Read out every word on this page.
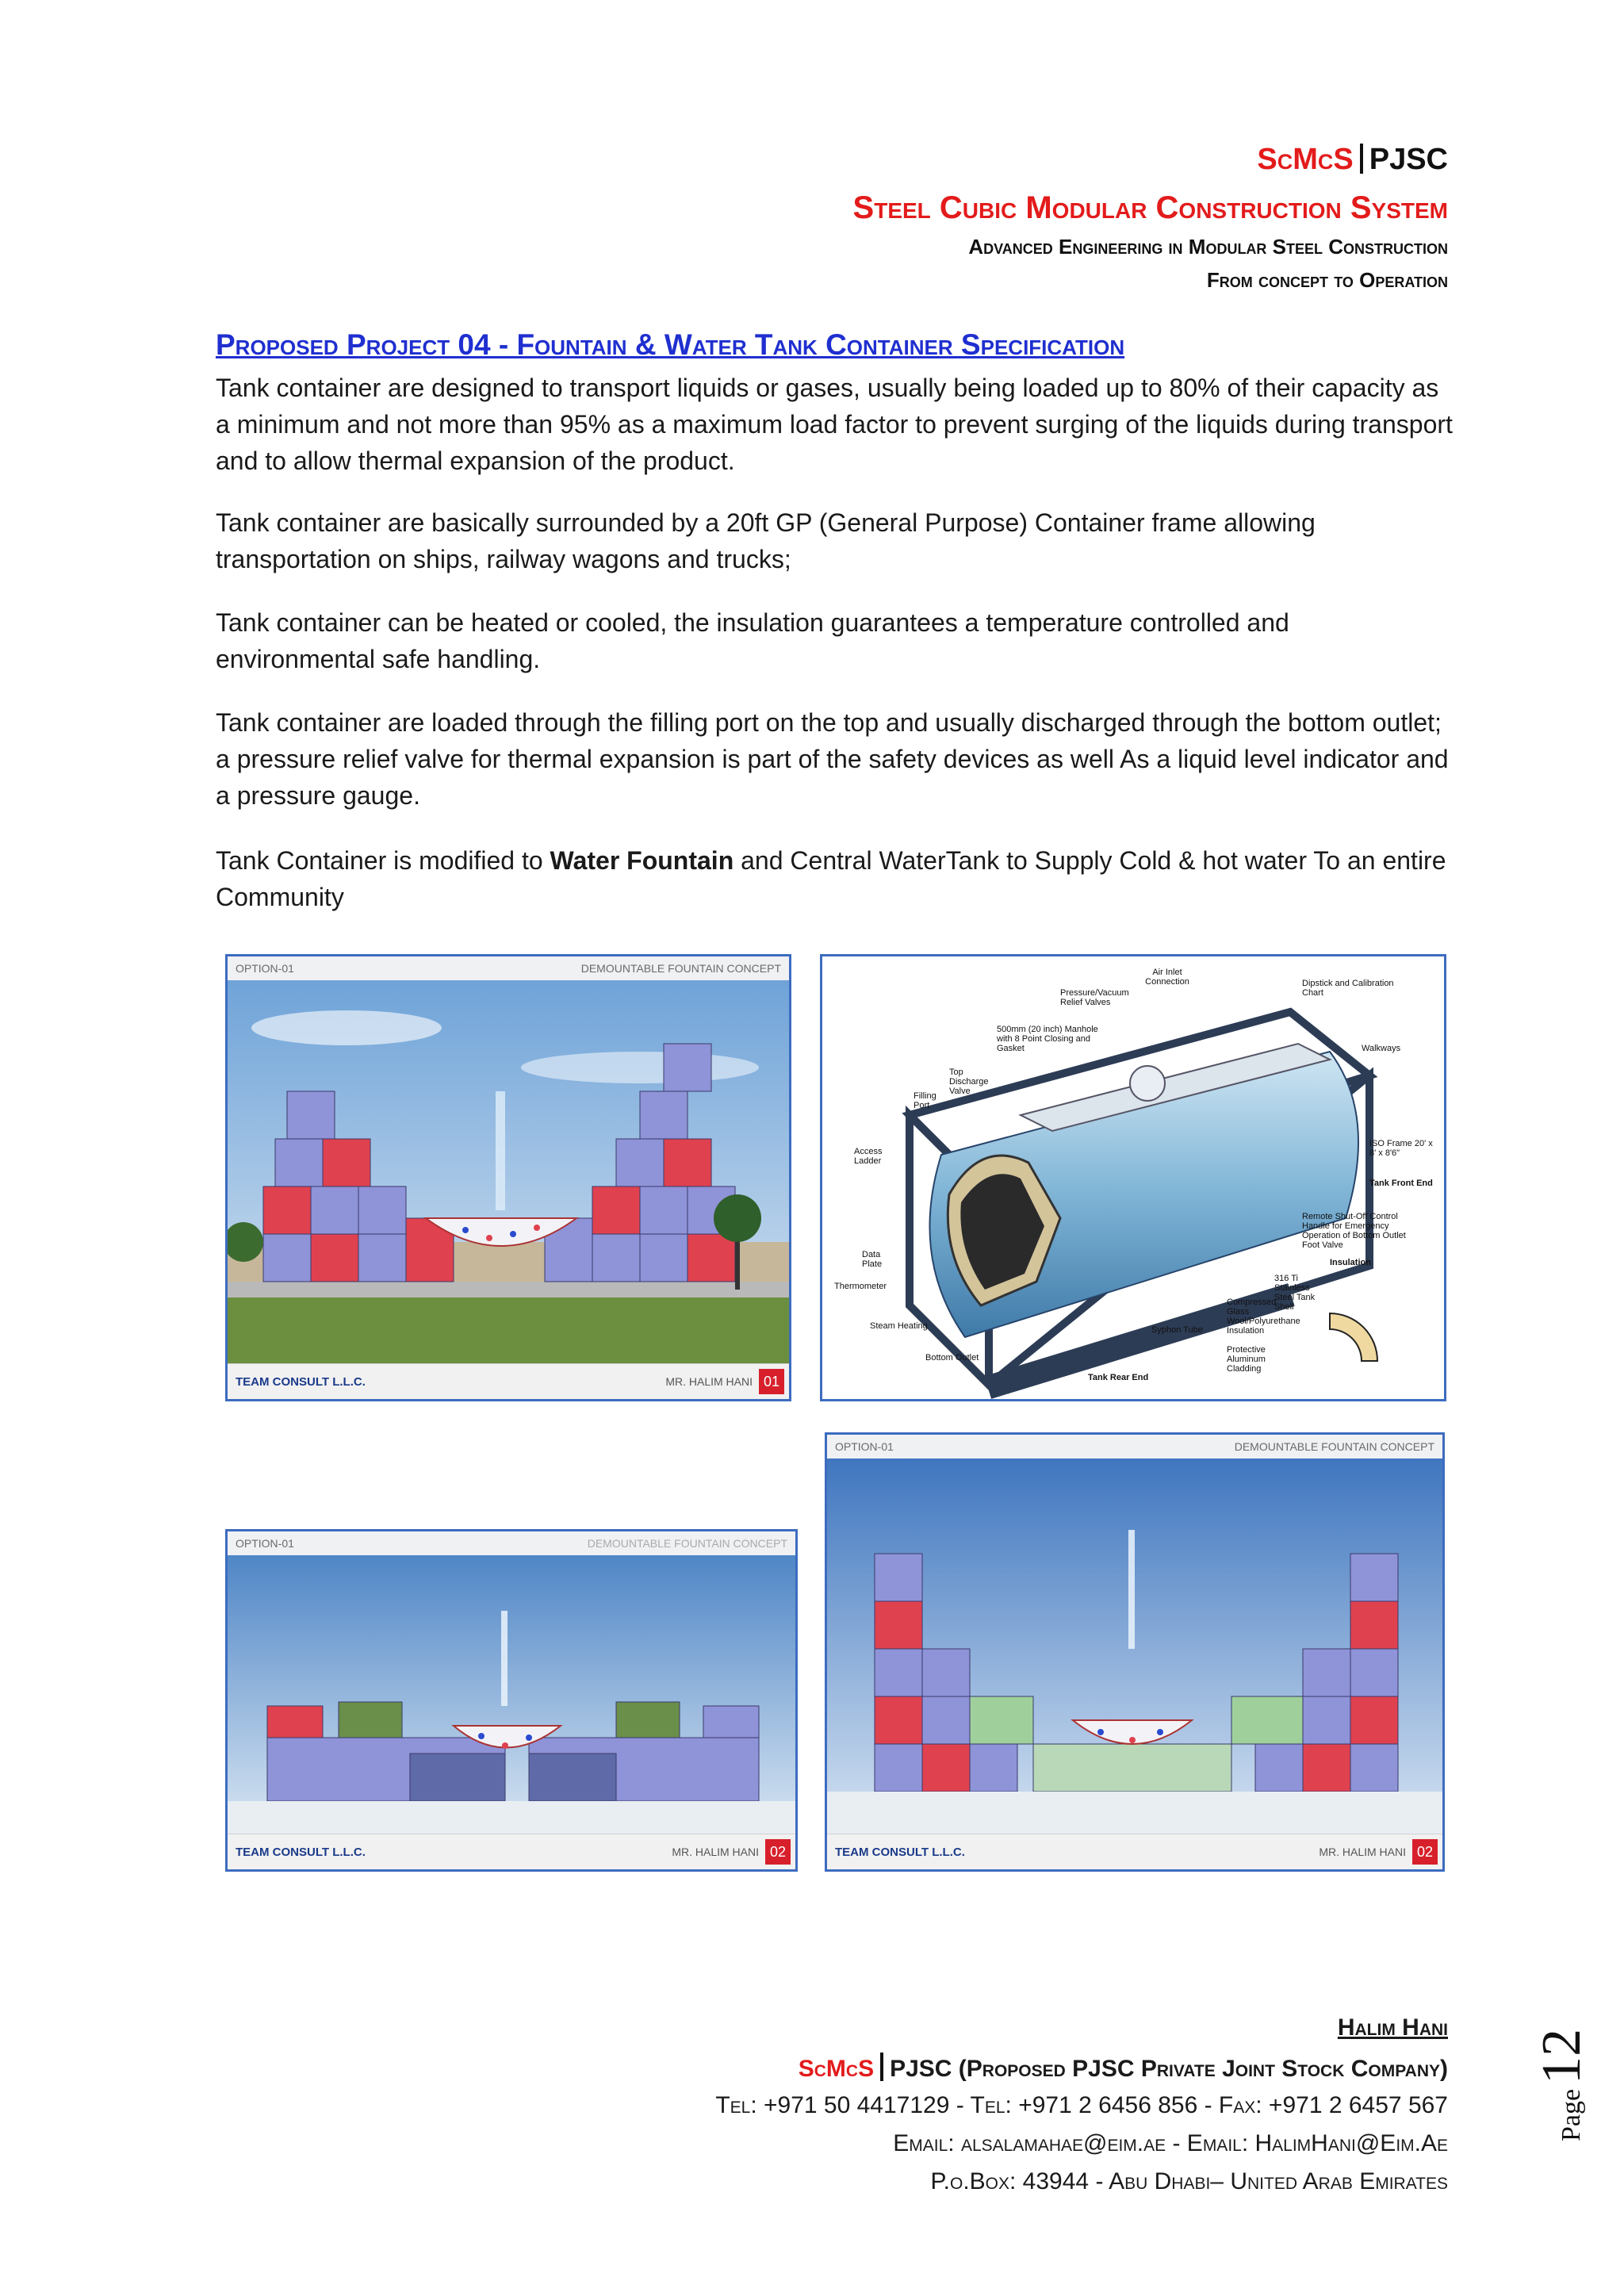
ScMcS PJSC
Steel Cubic Modular Construction System
Advanced Engineering in Modular Steel Construction
From concept to Operation
Proposed Project 04 - Fountain & Water Tank Container Specification
Tank container are designed to transport liquids or gases, usually being loaded up to 80% of their capacity as a minimum and not more than 95% as a maximum load factor to prevent surging of the liquids during transport and to allow thermal expansion of the product.
Tank container are basically surrounded by a 20ft GP (General Purpose) Container frame allowing transportation on ships, railway wagons and trucks;
Tank container can be heated or cooled, the insulation guarantees a temperature controlled and environmental safe handling.
Tank container are loaded through the filling port on the top and usually discharged through the bottom outlet; a pressure relief valve for thermal expansion is part of the safety devices as well As a liquid level indicator and a pressure gauge.
Tank Container is modified to Water Fountain and Central WaterTank to Supply Cold & hot water To an entire Community
OPTION-01	DEMOUNTABLE FOUNTAIN CONCEPT
TEAM CONSULT L.L.C.	MR. HALIM HANI 01
Air Inlet Connection
Pressure/Vacuum Relief Valves
500mm (20 inch) Manhole with 8 Point Closing and Gasket
Top Discharge Valve
Filling Port
Access Ladder
Dipstick and Calibration Chart
Walkways
ISO Frame 20' x 8' x 8'6"
Tank Front End
Remote Shut-Off Control Handle for Emergency Operation of Bottom Outlet Foot Valve
Insulation
316 Ti Stainless Steel Tank Shell
Compressed Glass Wool/Polyurethane Insulation
Protective Aluminum Cladding
Data Plate
Thermometer
Steam Heating	Syphon Tube
Bottom Outlet
Tank Rear End
OPTION-01	DEMOUNTABLE FOUNTAIN CONCEPT
TEAM CONSULT L.L.C.	MR. HALIM HANI 02
OPTION-01	DEMOUNTABLE FOUNTAIN CONCEPT
TEAM CONSULT L.L.C.	MR. HALIM HANI 02
Page
12
Halim Hani
ScMcS PJSC (Proposed PJSC Private Joint Stock Company)
Tel: +971 50 4417129 - Tel: +971 2 6456 856 - Fax: +971 2 6457 567
Email: alsalamahae@eim.ae - Email: HalimHani@Eim.Ae
P.o.Box: 43944 - Abu Dhabi– United Arab Emirates
